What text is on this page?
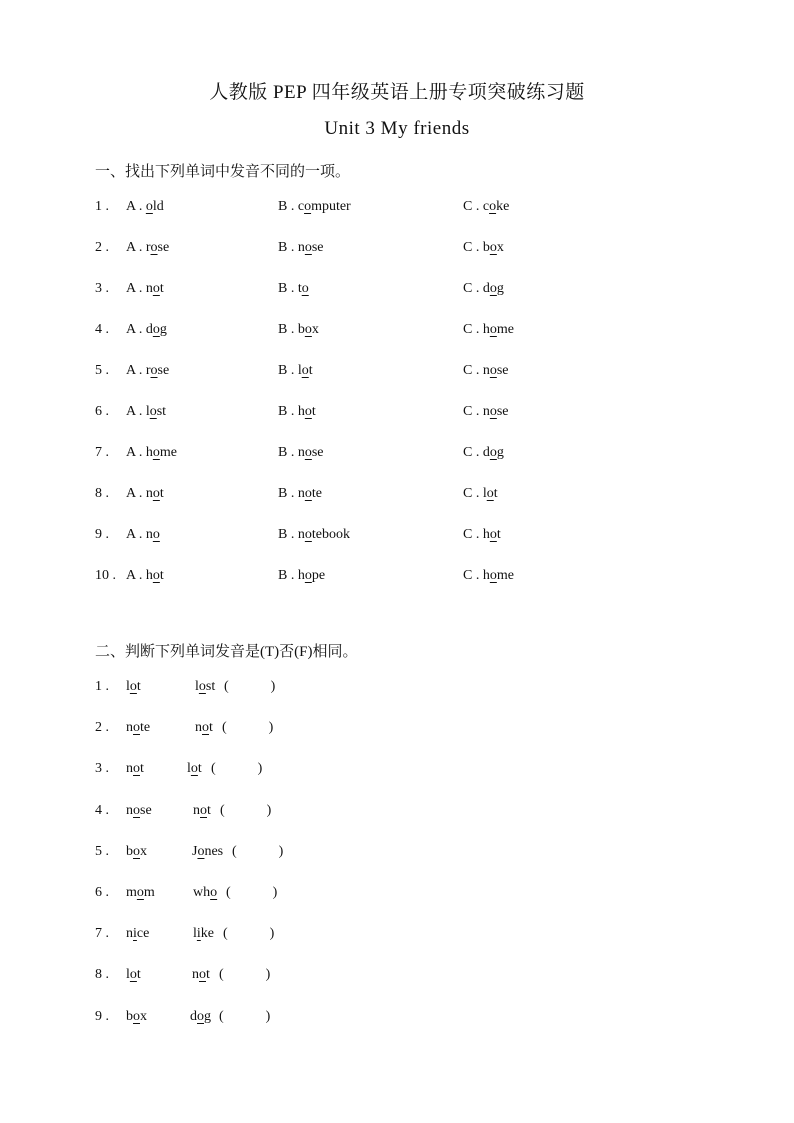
人教版 PEP 四年级英语上册专项突破练习题
Unit 3 My friends
一、找出下列单词中发音不同的一项。
1 . A . old	B . computer	C . coke
2 . A . rose	B . nose	C . box
3 . A . not	B . to	C . dog
4 . A . dog	B . box	C . home
5 . A . rose	B . lot	C . nose
6 . A . lost	B . hot	C . nose
7 . A . home	B . nose	C . dog
8 . A . not	B . note	C . lot
9 . A . no	B . notebook	C . hot
10 . A . hot	B . hope	C . home
二、判断下列单词发音是(T)否(F)相同。
1 . lot	lost (            )
2 . note	not (            )
3 . not	lot (            )
4 . nose	not (            )
5 . box	Jones (            )
6 . mom	who (            )
7 . nice	like (            )
8 . lot	not (            )
9 . box	dog (            )
